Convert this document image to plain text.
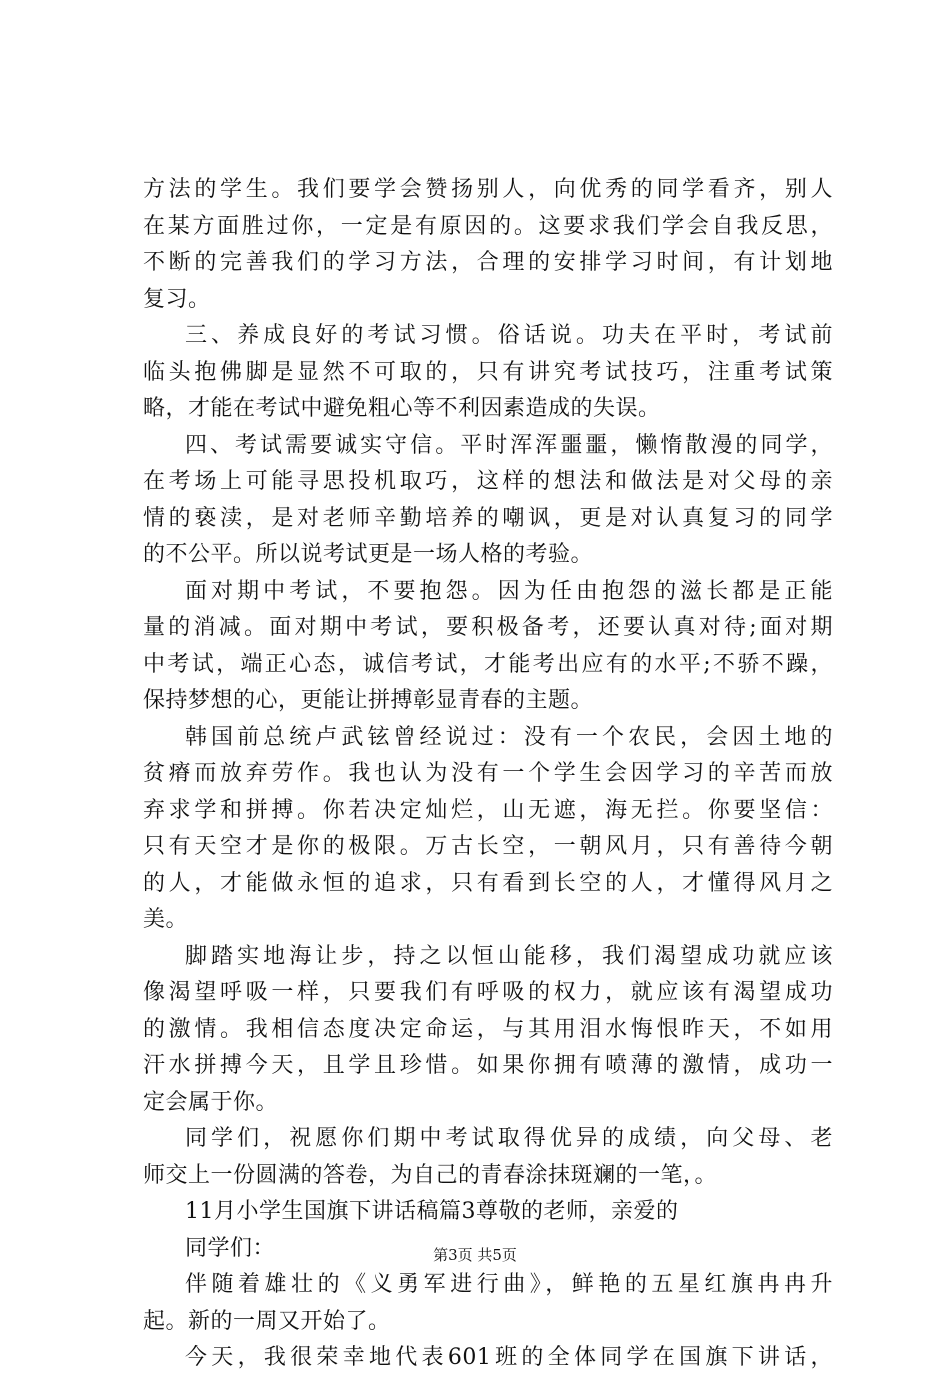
方法的学生。我们要学会赞扬别人，向优秀的同学看齐，别人
在某方面胜过你，一定是有原因的。这要求我们学会自我反思，
不断的完善我们的学习方法，合理的安排学习时间，有计划地
复习。
三、养成良好的考试习惯。俗话说。功夫在平时，考试前
临头抱佛脚是显然不可取的，只有讲究考试技巧，注重考试策
略，才能在考试中避免粗心等不利因素造成的失误。
四、考试需要诚实守信。平时浑浑噩噩，懒惰散漫的同学，
在考场上可能寻思投机取巧，这样的想法和做法是对父母的亲
情的亵渎，是对老师辛勤培养的嘲讽，更是对认真复习的同学
的不公平。所以说考试更是一场人格的考验。
面对期中考试，不要抱怨。因为任由抱怨的滋长都是正能
量的消减。面对期中考试，要积极备考，还要认真对待;面对期
中考试，端正心态，诚信考试，才能考出应有的水平;不骄不躁，
保持梦想的心，更能让拼搏彰显青春的主题。
韩国前总统卢武铉曾经说过：没有一个农民，会因土地的
贫瘠而放弃劳作。我也认为没有一个学生会因学习的辛苦而放
弃求学和拼搏。你若决定灿烂，山无遮，海无拦。你要坚信：
只有天空才是你的极限。万古长空，一朝风月，只有善待今朝
的人，才能做永恒的追求，只有看到长空的人，才懂得风月之
美。
脚踏实地海让步，持之以恒山能移，我们渴望成功就应该
像渴望呼吸一样，只要我们有呼吸的权力，就应该有渴望成功
的激情。我相信态度决定命运，与其用泪水悔恨昨天，不如用
汗水拼搏今天，且学且珍惜。如果你拥有喷薄的激情，成功一
定会属于你。
同学们，祝愿你们期中考试取得优异的成绩，向父母、老
师交上一份圆满的答卷，为自己的青春涂抹斑斓的一笔，。
11月小学生国旗下讲话稿篇3尊敬的老师，亲爱的
同学们：
伴随着雄壮的《义勇军进行曲》，鲜艳的五星红旗冉冉升
起。新的一周又开始了。
今天，我很荣幸地代表601班的全体同学在国旗下讲话，
第3页 共5页
